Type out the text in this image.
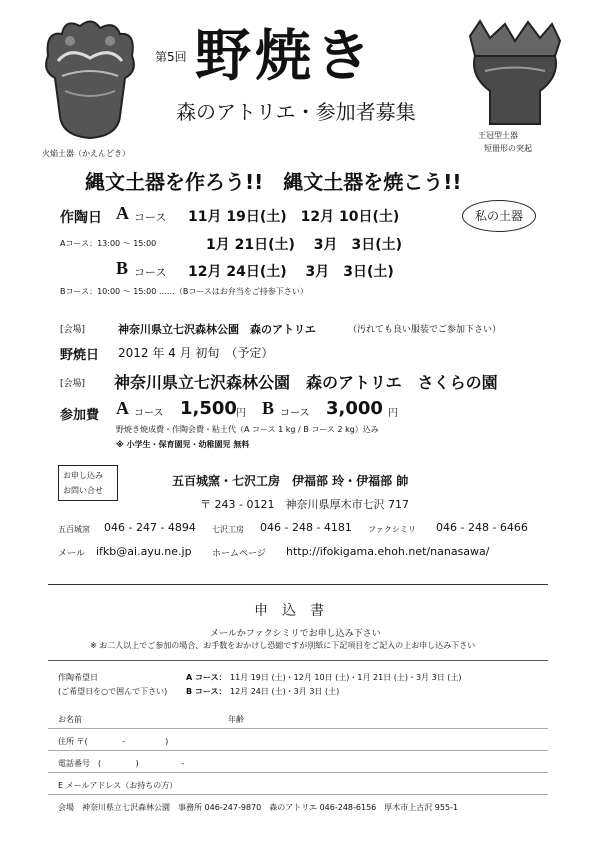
火焔土器（かえんどき）
王冠型土器
短冊形の突起
第5回 野焼き
森のアトリエ・参加者募集
縄文土器を作ろう!!　縄文土器を焼こう!!
私の土器
作陶日 A コース 11月 19日(土)　12月 10日(土)
Aコース：13:00 〜 15:00	1月 21日(土)　 3月　3日(土)
B コース 12月 24日(土)　 3月　3日(土)
Bコース：10:00 〜 15:00 ……（Bコースはお弁当をご持参下さい）
[会場]	神奈川県立七沢森林公園　森のアトリエ	（汚れても良い服装でご参加下さい）
野焼日 2012 年 4 月 初旬　（予定）
[会場] 神奈川県立七沢森林公園　森のアトリエ　さくらの園
参加費 A コース 1,500 円 B コース 3,000 円
野焼き焼成費・作陶会費・粘土代（A コース 1 kg / B コース 2 kg）込み
※ 小学生・保育園児・幼稚園児 無料
お申し込み
お問い合せ
五百城窯・七沢工房　伊福部 玲・伊福部 帥
〒 243 - 0121　神奈川県厚木市七沢 717
五百城窯 046 - 247 - 4894 七沢工房 046 - 248 - 4181 ファクシミリ 046 - 248 - 6466
メール ifkb@ai.ayu.ne.jp ホームページ http://ifokigama.ehoh.net/nanasawa/
申　込　書
メールかファクシミリでお申し込み下さい
※ お二人以上でご参加の場合、お手数をおかけし恐縮ですが別紙に下記項目をご記入の上お申し込み下さい
作陶希望日
(ご希望日を○で囲んで下さい)
A コース： 11月 19日 (土)・12月 10日 (土)・1月 21日 (土)・3月 3日 (土)
B コース： 12月 24日 (土)・3月 3日 (土)
お名前	年齢
住所 〒(　　　　 -　　　　　)
電話番号　(　　　　 )　　　　　 -
E メールアドレス（お持ちの方）
会場　神奈川県立七沢森林公園　事務所 046-247-9870　森のアトリエ 046-248-6156　厚木市上古沢 955-1
